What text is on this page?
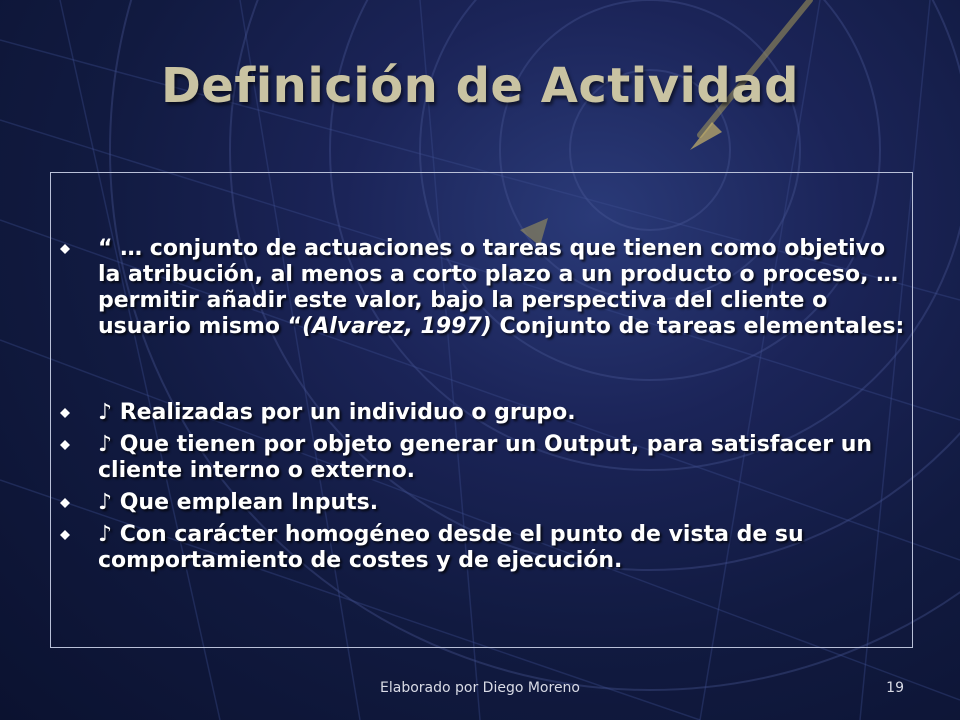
Definición de Actividad
“ … conjunto de actuaciones o tareas que tienen como objetivo la atribución, al menos a corto plazo a un producto o proceso, … permitir añadir este valor, bajo la perspectiva del cliente o usuario mismo “(Alvarez, 1997) Conjunto de tareas elementales:
♪ Realizadas por un individuo o grupo.
♪ Que tienen por objeto generar un Output, para satisfacer un cliente interno o externo.
♪ Que emplean Inputs.
♪ Con carácter homogéneo desde el punto de vista de su comportamiento de costes y de ejecución.
Elaborado por Diego Moreno	19
